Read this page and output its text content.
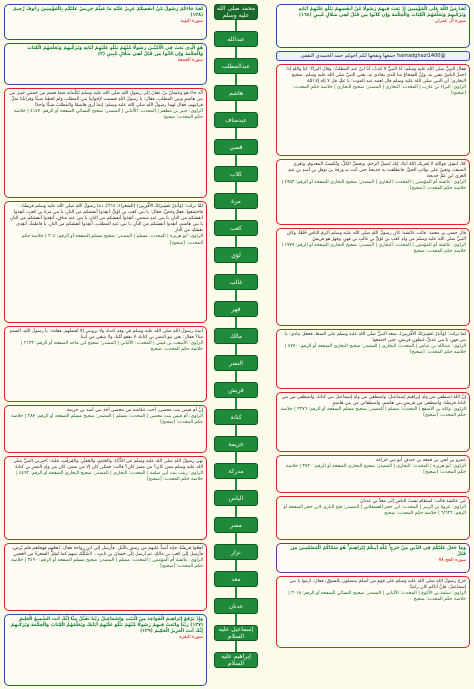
لَقَدْ مَنَّ اللَّهُ عَلَى الْمُؤْمِنِينَ إِذْ بَعَثَ فِيهِمْ رَسُولًا مِّنْ أَنفُسِهِمْ يَتْلُو عَلَيْهِمْ آيَاتِهِ وَيُزَكِّيهِمْ وَيُعَلِّمُهُمُ الْكِتَابَ وَالْحِكْمَةَ وَإِن كَانُوا مِن قَبْلُ لَفِي ضَلَالٍ مُّبِينٍ (١٦٤)

سورة آل عمران

@hamadghazi1400 جمعها ونقحها لكم أخوكم حمد الحميدي الثقفي

فقال النبيُّ صلى الله عليه وسلم: أنا النبيُّ لا كذبْ، أنا ابنُ عبدِ المطلبْ. وقال البراءُ: كنا واللهِ إذا احمرَّ البأسُ نتقي به، وإنَّ الشجاعَ منا للذي يحاذي به. يعني النبيَّ صلى الله عليه وسلم. صحيح البخاري: أن النبي صلى الله عليه وسلم قال لعمه عند الموت: يا عمِّ، قل لا إلهَ إلا اللهُ

الراوي: البراء بن عازب | المحدث: البخاري | المصدر: صحيح البخاري | خلاصة حكم المحدث: [صحيح]

كلا، أبشِرْ، فواللهِ لا يُخزيك اللهُ أبدًا، إنك لتصلُ الرحمَ، وتحملُ الكلَّ، وتُكسبُ المعدومَ، وتَقري الضيفَ، وتعينُ على نوائبِ الحقِّ. فانطلقت به خديجةُ حتى أتت به ورقةَ بنَ نوفلِ بنِ أسدِ بنِ عبدِ العزى ابنِ عمِّ خديجةَ

الراوي: عائشة أم المؤمنين | المحدث: البخاري | المصدر: صحيح البخاري الصفحة أو الرقم: ٤٩٥٣ | خلاصة حكم المحدث: [صحيح]

قال حسن بن محمد: قالت عائشة: كان رسولُ اللهِ صلى الله عليه وسلم أكرمَ الناسِ خُلقًا، وكان النبيُّ صلى الله عليه وسلم من ولدِ كعبِ بنِ لؤيٍّ بنِ غالبِ بنِ فهرٍ، وفهرُ هو قريشٌ

الراوي: عائشة أم المؤمنين | المحدث: البخاري | المصدر: صحيح البخاري الصفحة أو الرقم: ١٧٧٧ | خلاصة حكم المحدث: صحيح

لما نزلت: (وَأَنذِرْ عَشِيرَتَكَ الأَقْرَبِينَ)، صعد النبيُّ صلى الله عليه وسلم على الصفا، فجعل ينادي: يا بني فهرٍ، يا بني عديٍّ، لبطونِ قريشٍ، حتى اجتمعوا

الراوي: عبدالله بن عباس | المحدث: البخاري | المصدر: صحيح البخاري الصفحة أو الرقم: ٤٧٧٠ | خلاصة حكم المحدث: [صحيح]

إنَّ اللهَ اصطفى من ولدِ إبراهيمَ إسماعيلَ، واصطفى من ولدِ إسماعيلَ بني كنانةَ، واصطفى من بني كنانةَ قريشًا، واصطفى من قريشٍ بني هاشمٍ، واصطفاني من بني هاشمٍ

الراوي: واثلة بن الأسقع | المحدث: مسلم | المصدر: صحيح مسلم الصفحة أو الرقم: ٢٢٧٦ | خلاصة حكم المحدث: [صحيح]

عمرو بن لحي بن قمعة بن خندف أبو بني خزاعة

الراوي: أبو هريرة | المحدث: البخاري | المصدر: صحيح البخاري الصفحة أو الرقم: ٣٥٢٠ | خلاصة حكم المحدث: [صحيح]

عن عائشة قالت: استقام نسبُ الناسِ إلى معدِّ بنِ عدنانَ

الراوي: عروة بن الزبير | المحدث: ابن حجر العسقلاني | المصدر: فتح الباري لابن حجر الصفحة أو الرقم: ٦/٦٢٦ | خلاصة حكم المحدث: صحيح

وَمَا جَعَلَ عَلَيْكُمْ فِي الدِّينِ مِنْ حَرَجٍ ۚ مِّلَّةَ أَبِيكُمْ إِبْرَاهِيمَ ۚ هُوَ سَمَّاكُمُ الْمُسْلِمِينَ مِن قَبْلُ

سورة الحج ٧٨

خرجَ رسولُ اللهِ صلى الله عليه وسلم على قومٍ من أسلمَ ينتضلون بالسوقِ، فقال: ارموا يا بني إسماعيلَ، فإنَّ أباكم كان راميًا

الراوي: سلمة بن الأكوع | المحدث: الألباني | المصدر: صحيح النسائي الصفحة أو الرقم: ٣٠١٨ | خلاصة حكم المحدث: صحيح

محمد صلى الله عليه وسلم
عبدالله
عبدالمطلب
هاشم
عبدمناف
قصي
كلاب
مرة
كعب
لؤي
غالب
فهر
مالك
النضر
قريش
كنانة
خزيمة
مدركة
الياس
مضر
نزار
معد
عدنان
إسماعيل عليه السلام
إبراهيم عليه السلام

لَقَدْ جَاءَكُمْ رَسُولٌ مِّنْ أَنفُسِكُمْ عَزِيزٌ عَلَيْهِ مَا عَنِتُّمْ حَرِيصٌ عَلَيْكُم بِالْمُؤْمِنِينَ رَءُوفٌ رَّحِيمٌ (١٢٨)

سورة التوبة

هُوَ الَّذِي بَعَثَ فِي الْأُمِّيِّينَ رَسُولًا مِّنْهُمْ يَتْلُو عَلَيْهِمْ آيَاتِهِ وَيُزَكِّيهِمْ وَيُعَلِّمُهُمُ الْكِتَابَ وَالْحِكْمَةَ وَإِن كَانُوا مِن قَبْلُ لَفِي ضَلَالٍ مُّبِينٍ (٢)

سورة الجمعة

أنَّه جاء هو وعثمانُ بنُ عفانَ إلى رسولِ اللهِ صلى الله عليه وسلم يُكلِّمانه فيما قسم من خمسِ خيبرَ بين بني هاشمٍ وبني المطلبِ، فقال: يا رسولَ اللهِ قسمت لإخوانِنا بني المطلبِ ولم تُعطِنا شيئًا وقرابتُنا مثلُ قرابتِهم، فقال لهما رسولُ اللهِ صلى الله عليه وسلم: إنما أرى هاشمًا والمطلبَ شيئًا واحدًا

الراوي: جبير بن مطعم | المحدث: الألباني | المصدر: صحيح النسائي الصفحة أو الرقم: ٤١٤٧ | خلاصة حكم المحدث: صحيح

لمَّا نزلت: (وَأَنذِرْ عَشِيرَتَكَ الأَقْرَبِينَ) [الشعراء: ٢١٤]، دعا رسولُ اللهِ صلى الله عليه وسلم قريشًا، فاجتمعوا، فعمَّ وخصَّ، فقال: يا بني كعبِ بنِ لؤيٍّ، أنقِذوا أنفسَكم من النارِ، يا بني مرةَ بنِ كعبٍ، أنقِذوا أنفسَكم من النارِ، يا بني عبدِ شمسٍ، أنقِذوا أنفسَكم من النارِ، يا بني عبدِ منافٍ، أنقِذوا أنفسَكم من النارِ، يا بني هاشمٍ، أنقِذوا أنفسَكم من النارِ، يا بني عبدِ المطلبِ، أنقِذوا أنفسَكم من النارِ، يا فاطمةُ، أنقِذي نفسَكِ من النارِ

الراوي: أبو هريرة | المحدث: مسلم | المصدر: صحيح مسلم الصفحة أو الرقم: ٢٠٤ | خلاصة حكم المحدث: [صحيح]

أتيتُ رسولَ اللهِ صلى الله عليه وسلم في وفدِ كندةَ، ولا يرونني إلا أفضلَهم. فقلتُ: يا رسولَ اللهِ، ألستم منا؟ فقال: نحن بنو النضرِ بنِ كنانةَ، لا نقفو أمَّنا، ولا ننتفي من أبينا

الراوي: الأشعث بن قيس | المحدث: الألباني | المصدر: صحيح ابن ماجه الصفحة أو الرقم: ٢١٣٢ | خلاصة حكم المحدث: صحيح

إنَّ أم قيس بنت محصن، أخت عكاشة من محصن أحد بني أسد بن خزيمة

الراوي: أم قيس بنت محصن | المحدث: مسلم | المصدر: صحيح مسلم الصفحة أو الرقم: ٢٨٧ | خلاصة حكم المحدث: [صحيح]

نهى رسولُ اللهِ صلى الله عليه وسلم عن الدُّبَّاءِ، والحَنتَمِ، والمُقيَّرِ، والمُزفَّتِ، قلتُ: أخبِرني النبيُّ صلى الله عليه وسلم ممن كان؟ من مضرَ كان؟ قالت: فممَّن كان إلا من مضرَ، كان من ولدِ النضرِ بنِ كنانةَ

الراوي: زينب بنت أبي سلمة | المحدث: البخاري | المصدر: صحيح البخاري الصفحة أو الرقم: ٤٤٩٢ | خلاصة حكم المحدث: [صحيح]

اهجُوا قريشًا، فإنه أشدُّ عليهم من رشقٍ بالنَّبلِ. فأرسل إلى ابنِ رواحةَ فقال: اهجُهم فهجاهم فلم يُرضِ، فأرسل إلى كعبِ بنِ مالكٍ، ثم أرسل إلى حسانَ بنِ ثابتٍ... لأسُلَّنَّك منهم كما تُسَلُّ الشعرةُ من العجينِ

الراوي: عائشة أم المؤمنين | المحدث: مسلم | المصدر: صحيح مسلم الصفحة أو الرقم: ٢٤٩٠ | خلاصة حكم المحدث: [صحيح]

وَإِذْ يَرْفَعُ إِبْرَاهِيمُ الْقَوَاعِدَ مِنَ الْبَيْتِ وَإِسْمَاعِيلُ رَبَّنَا تَقَبَّلْ مِنَّا إِنَّكَ أَنتَ السَّمِيعُ الْعَلِيمُ (١٢٧) رَبَّنَا وَابْعَثْ فِيهِمْ رَسُولًا مِّنْهُمْ يَتْلُو عَلَيْهِمْ آيَاتِكَ وَيُعَلِّمُهُمُ الْكِتَابَ وَالْحِكْمَةَ وَيُزَكِّيهِمْ إِنَّكَ أَنتَ الْعَزِيزُ الْحَكِيمُ (١٢٩)

سورة البقرة
